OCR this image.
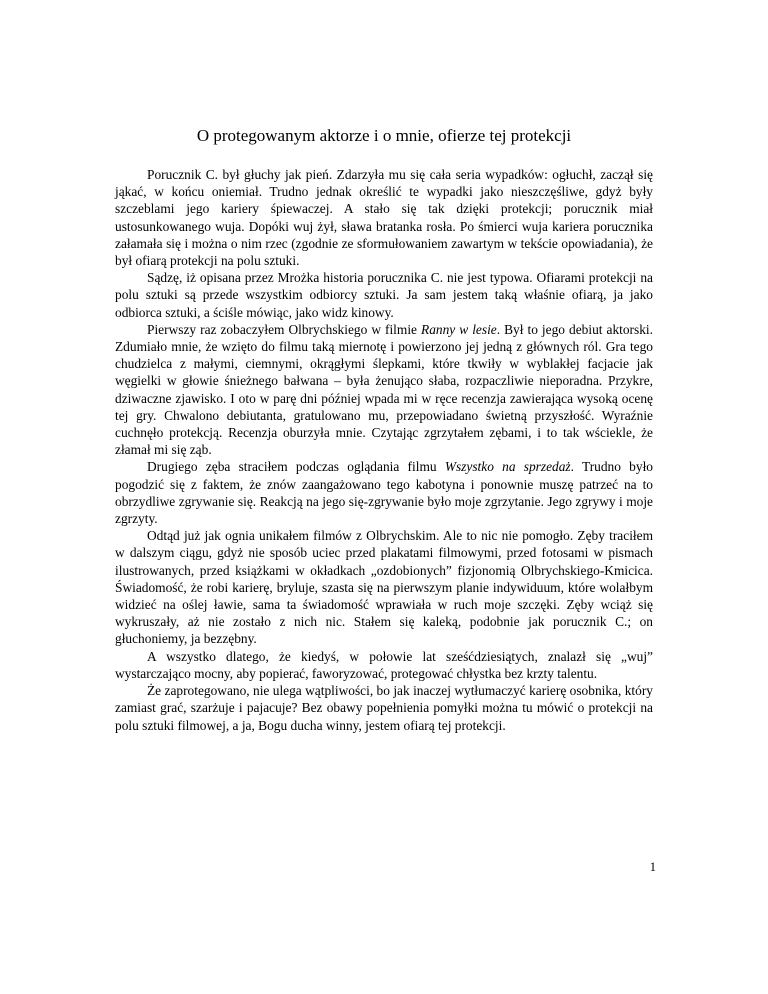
O protegowanym aktorze i o mnie, ofierze tej protekcji

Porucznik C. był głuchy jak pień. Zdarzyła mu się cała seria wypadków: ogłuchł, zaczął się jąkać, w końcu oniemiał. Trudno jednak określić te wypadki jako nieszczęśliwe, gdyż były szczeblami jego kariery śpiewaczej. A stało się tak dzięki protekcji; porucznik miał ustosunkowanego wuja. Dopóki wuj żył, sława bratanka rosła. Po śmierci wuja kariera porucznika załamała się i można o nim rzec (zgodnie ze sformułowaniem zawartym w tekście opowiadania), że był ofiarą protekcji na polu sztuki.

Sądzę, iż opisana przez Mrożka historia porucznika C. nie jest typowa. Ofiarami protekcji na polu sztuki są przede wszystkim odbiorcy sztuki. Ja sam jestem taką właśnie ofiarą, ja jako odbiorca sztuki, a ściśle mówiąc, jako widz kinowy.

Pierwszy raz zobaczyłem Olbrychskiego w filmie Ranny w lesie. Był to jego debiut aktorski. Zdumiało mnie, że wzięto do filmu taką miernotę i powierzono jej jedną z głównych ról. Gra tego chudzielca z małymi, ciemnymi, okrągłymi ślepkami, które tkwiły w wyblakłej facjacie jak węgielki w głowie śnieżnego bałwana – była żenująco słaba, rozpaczliwie nieporadna. Przykre, dziwaczne zjawisko. I oto w parę dni później wpada mi w ręce recenzja zawierająca wysoką ocenę tej gry. Chwalono debiutanta, gratulowano mu, przepowiadano świetną przyszłość. Wyraźnie cuchnęło protekcją. Recenzja oburzyła mnie. Czytając zgrzytałem zębami, i to tak wściekle, że złamał mi się ząb.

Drugiego zęba straciłem podczas oglądania filmu Wszystko na sprzedaż. Trudno było pogodzić się z faktem, że znów zaangażowano tego kabotyna i ponownie muszę patrzeć na to obrzydliwe zgrywanie się. Reakcją na jego się-zgrywanie było moje zgrzytanie. Jego zgrywy i moje zgrzyty.

Odtąd już jak ognia unikałem filmów z Olbrychskim. Ale to nic nie pomogło. Zęby traciłem w dalszym ciągu, gdyż nie sposób uciec przed plakatami filmowymi, przed fotosami w pismach ilustrowanych, przed książkami w okładkach „ozdobionych” fizjonomią Olbrychskiego-Kmicica. Świadomość, że robi karierę, bryluje, szasta się na pierwszym planie indywiduum, które wolałbym widzieć na oślej ławie, sama ta świadomość wprawiała w ruch moje szczęki. Zęby wciąż się wykruszały, aż nie zostało z nich nic. Stałem się kaleką, podobnie jak porucznik C.; on głuchoniemy, ja bezzębny.

A wszystko dlatego, że kiedyś, w połowie lat sześćdziesiątych, znalazł się „wuj” wystarczająco mocny, aby popierać, faworyzować, protegować chłystka bez krzty talentu.

Że zaprotegowano, nie ulega wątpliwości, bo jak inaczej wytłumaczyć karierę osobnika, który zamiast grać, szarżuje i pajacuje? Bez obawy popełnienia pomyłki można tu mówić o protekcji na polu sztuki filmowej, a ja, Bogu ducha winny, jestem ofiarą tej protekcji.

1
